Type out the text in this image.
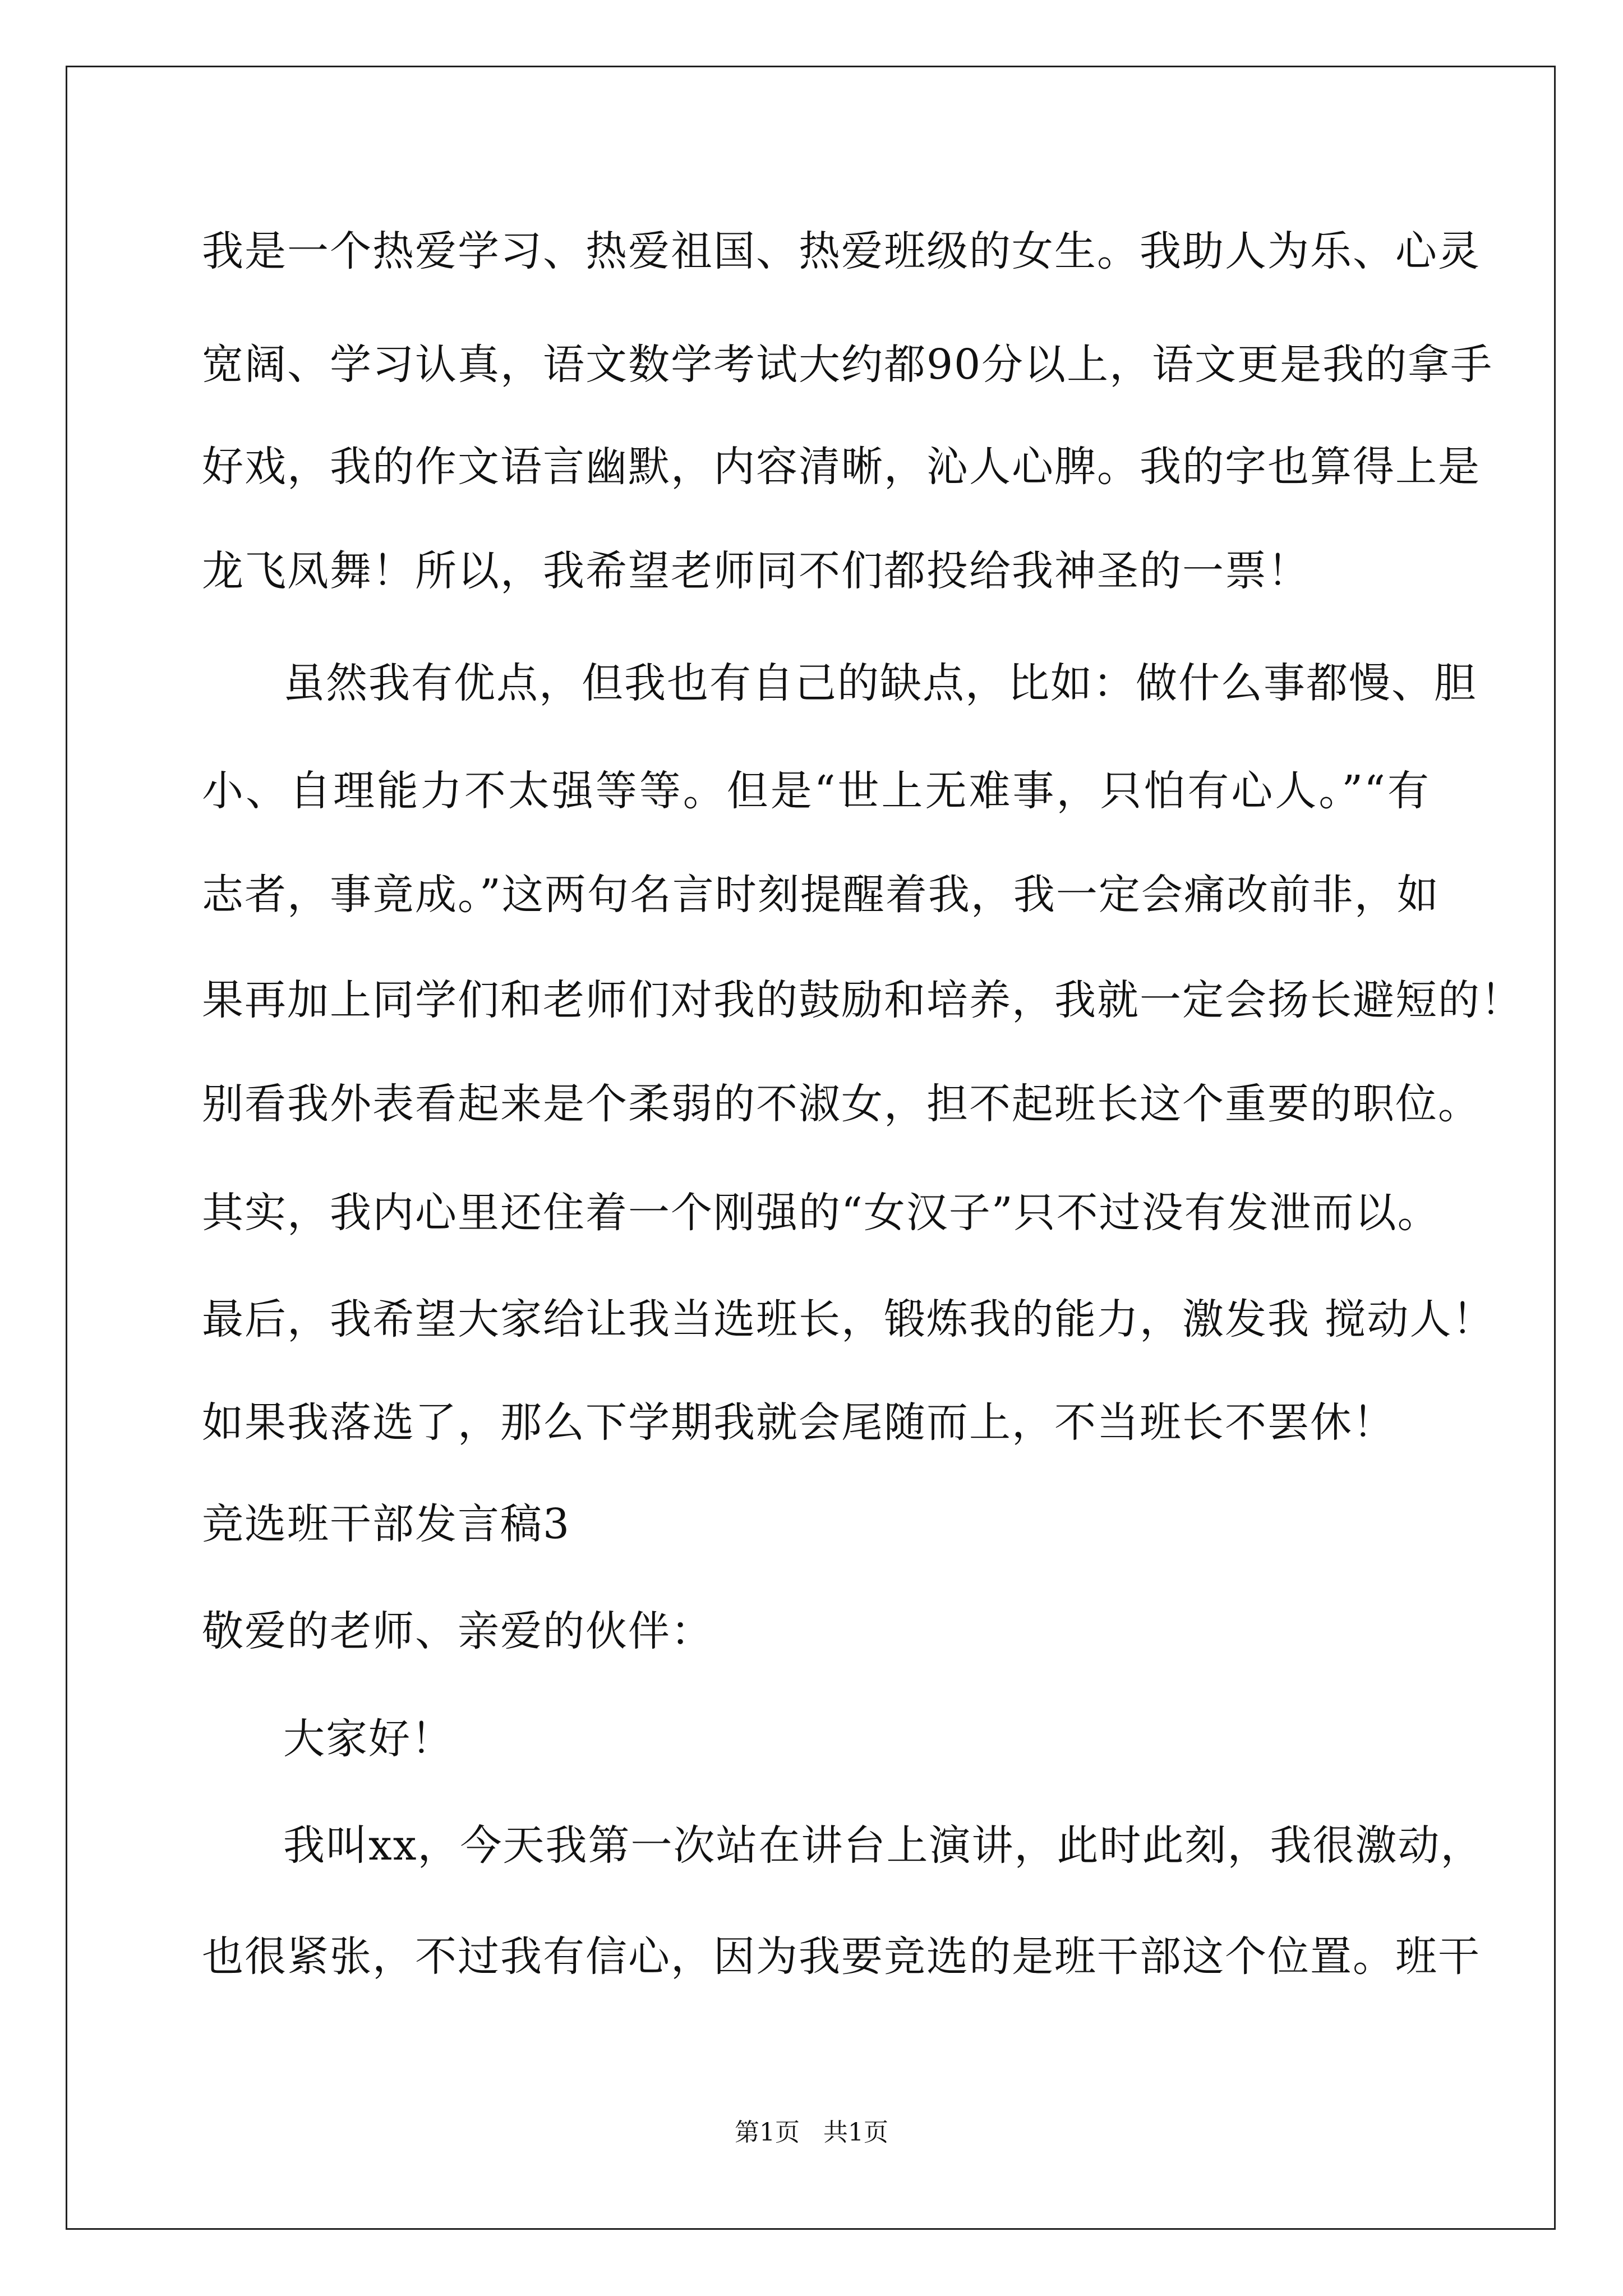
我是一个热爱学习、热爱祖国、热爱班级的女生。我助人为乐、心灵
宽阔、学习认真，语文数学考试大约都90分以上，语文更是我的拿手
好戏，我的作文语言幽默，内容清晰，沁人心脾。我的字也算得上是
龙飞凤舞！所以，我希望老师同不们都投给我神圣的一票！
虽然我有优点，但我也有自己的缺点，比如：做什么事都慢、胆
小、自理能力不太强等等。但是“世上无难事，只怕有心人。”“有
志者，事竟成。”这两句名言时刻提醒着我，我一定会痛改前非，如
果再加上同学们和老师们对我的鼓励和培养，我就一定会扬长避短的！
别看我外表看起来是个柔弱的不淑女，担不起班长这个重要的职位。
其实，我内心里还住着一个刚强的“女汉子”只不过没有发泄而以。
最后，我希望大家给让我当选班长，锻炼我的能力，激发我 搅动人！
如果我落选了，那么下学期我就会尾随而上，不当班长不罢休！
竞选班干部发言稿3
敬爱的老师、亲爱的伙伴：
大家好！
我叫xx，今天我第一次站在讲台上演讲，此时此刻，我很激动，
也很紧张，不过我有信心，因为我要竞选的是班干部这个位置。班干
第1页   共1页
